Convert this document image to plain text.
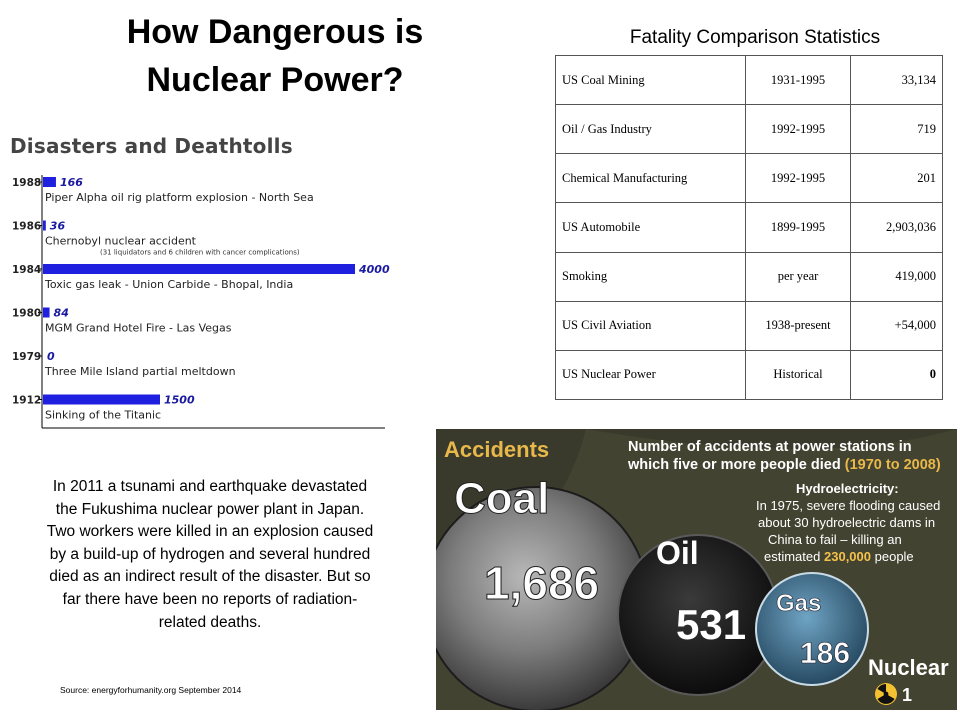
How Dangerous is Nuclear Power?
Fatality Comparison Statistics
US Coal Mining	1931-1995	33,134
Oil / Gas Industry	1992-1995	719
Chemical Manufacturing	1992-1995	201
US Automobile	1899-1995	2,903,036
Smoking	per year	419,000
US Civil Aviation	1938-present	+54,000
US Nuclear Power	Historical	0
Disasters and Deathtolls
1988 166
Piper Alpha oil rig platform explosion - North Sea
1986 36
Chernobyl nuclear accident
(31 liquidators and 6 children with cancer complications)
1984	4000
Toxic gas leak - Union Carbide - Bhopal, India
1980 84
MGM Grand Hotel Fire - Las Vegas
1979 0
Three Mile Island partial meltdown
1912	1500
Sinking of the Titanic
In 2011 a tsunami and earthquake devastated the Fukushima nuclear power plant in Japan. Two workers were killed in an explosion caused by a build-up of hydrogen and several hundred died as an indirect result of the disaster. But so far there have been no reports of radiation-related deaths.
Source: energyforhumanity.org September 2014
Accidents	Number of accidents at power stations in
which five or more people died (1970 to 2008)
Coal
1,686
Oil
531 Gas
186 Nuclear
1
Hydroelectricity:
In 1975, severe flooding caused
about 30 hydroelectric dams in
China to fail – killing an
estimated 230,000 people
